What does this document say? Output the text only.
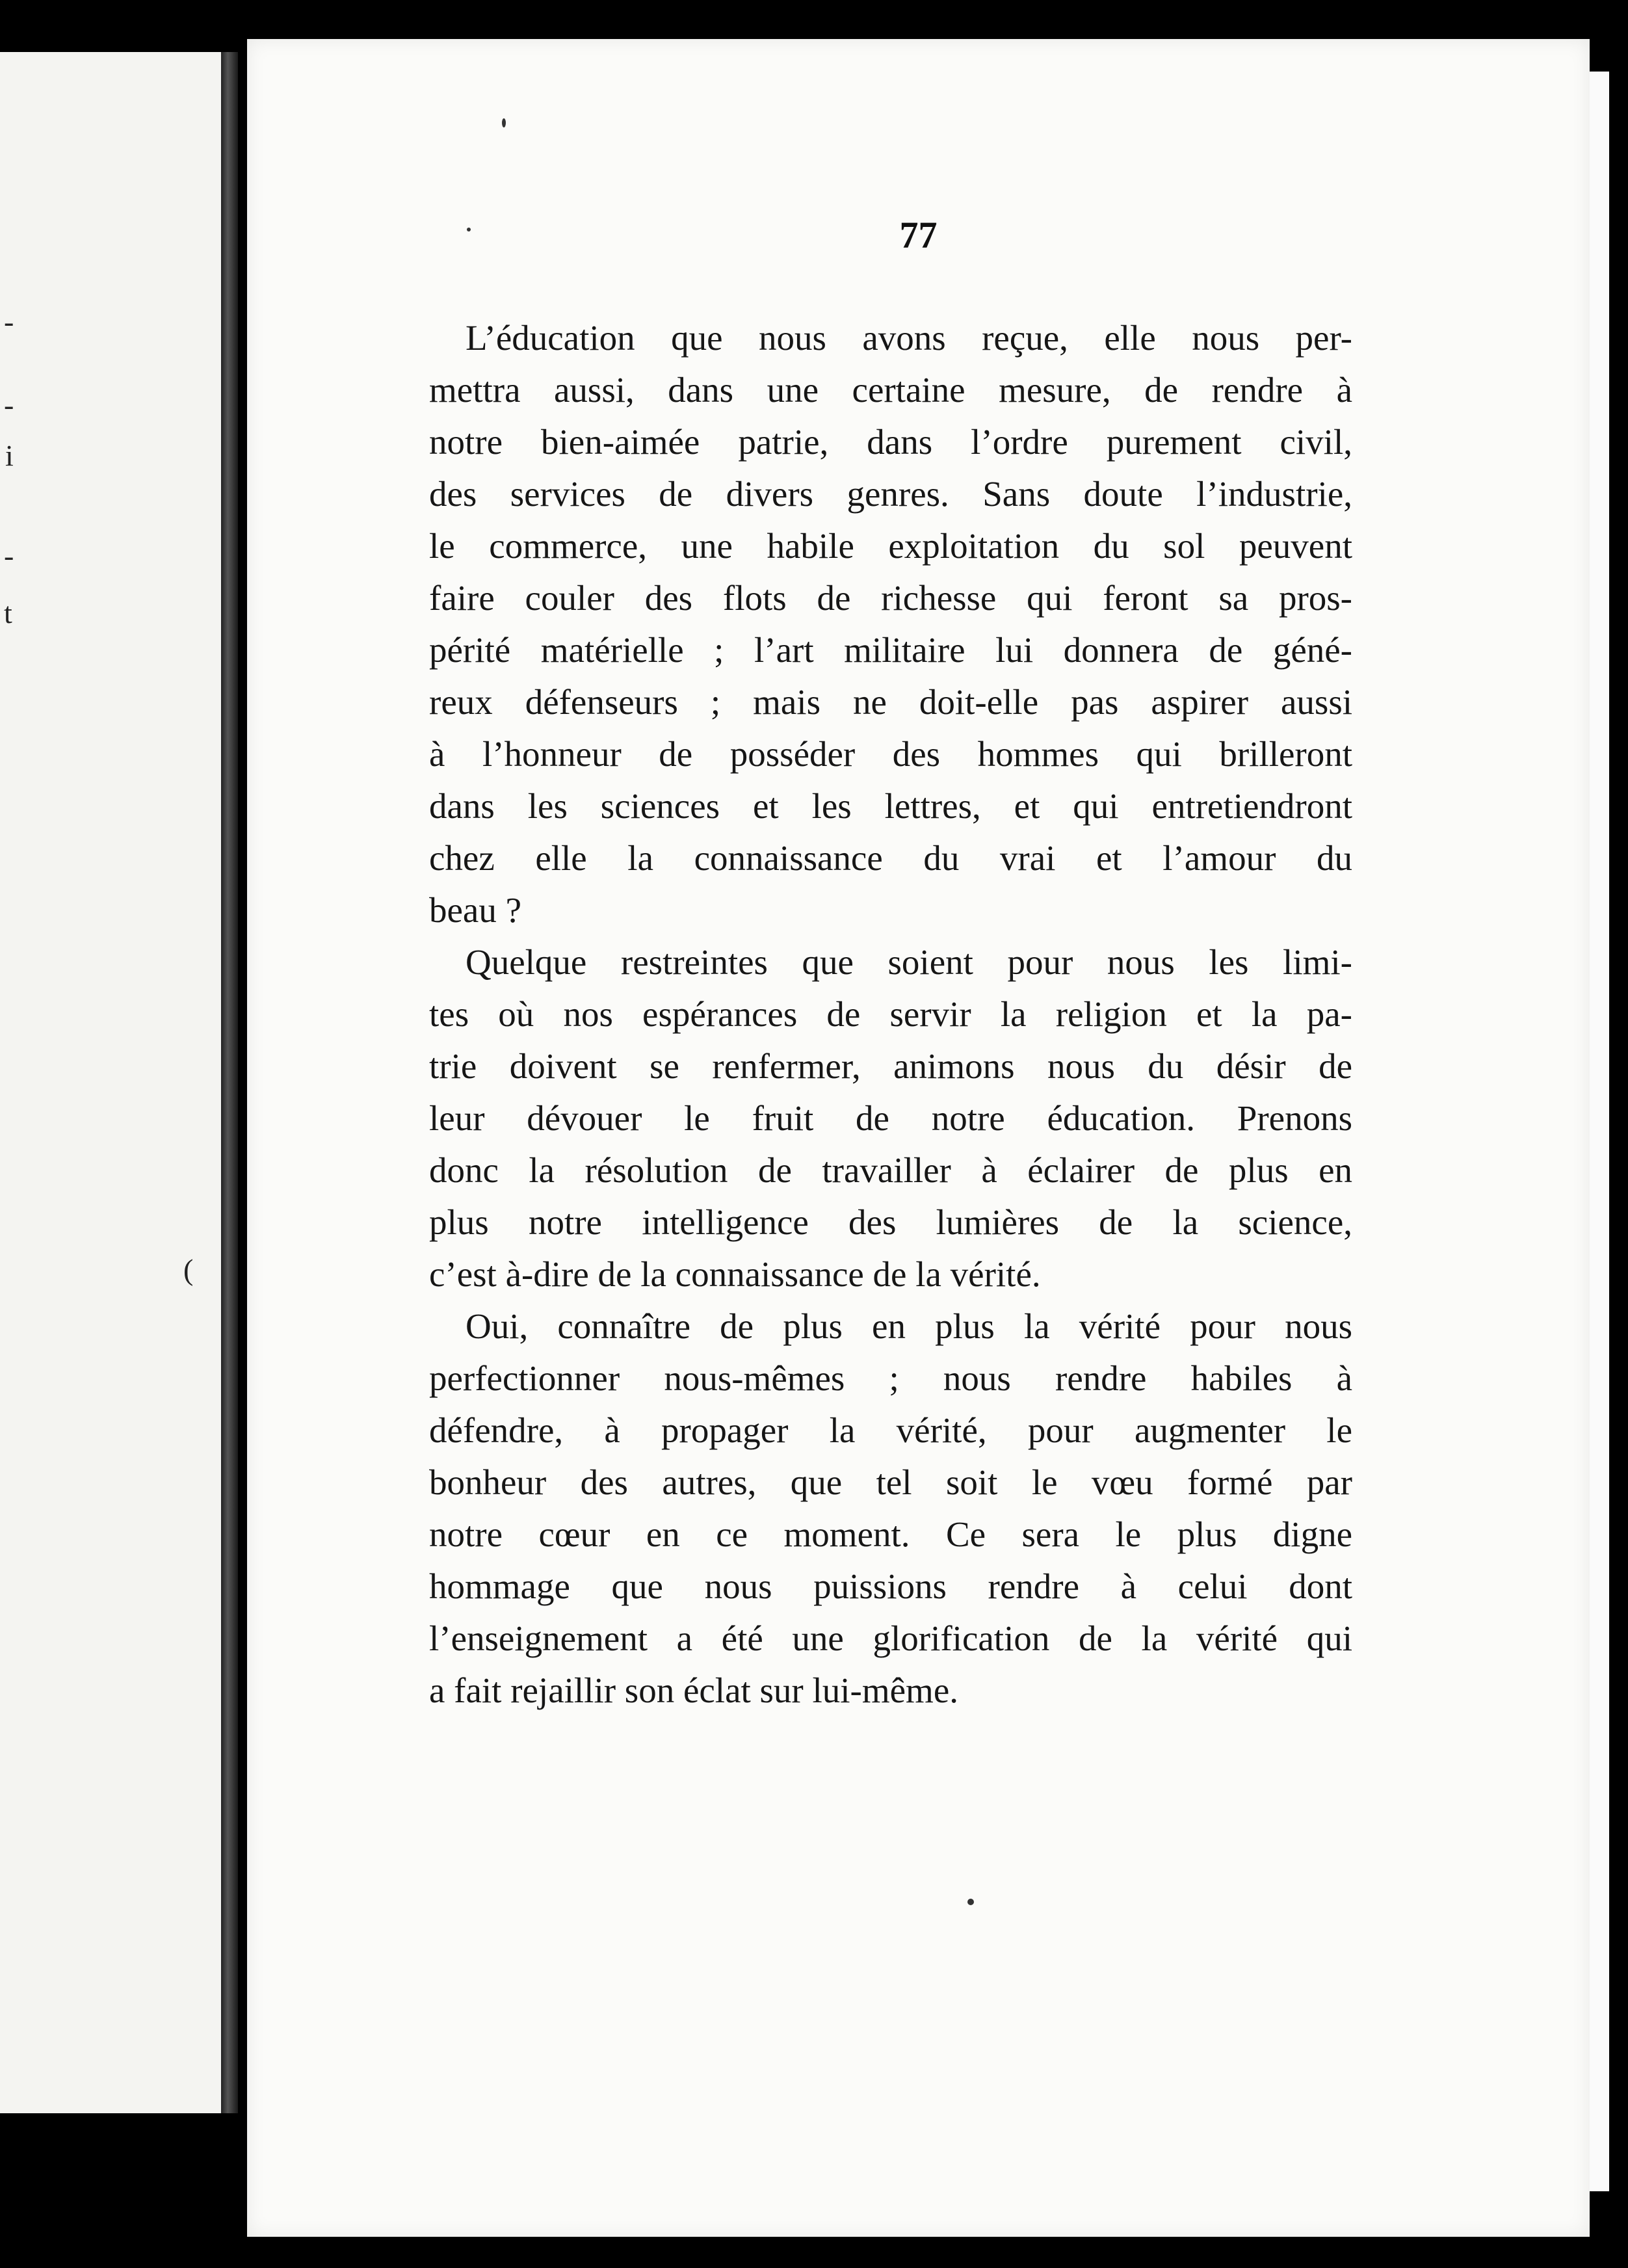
-
-
i
-
t
(
77

L’éducation que nous avons reçue, elle nous per-
mettra aussi, dans une certaine mesure, de rendre à
notre bien-aimée patrie, dans l’ordre purement civil,
des services de divers genres. Sans doute l’industrie,
le commerce, une habile exploitation du sol peuvent
faire couler des flots de richesse qui feront sa pros-
périté matérielle ; l’art militaire lui donnera de géné-
reux défenseurs ; mais ne doit-elle pas aspirer aussi
à l’honneur de posséder des hommes qui brilleront
dans les sciences et les lettres, et qui entretiendront
chez elle la connaissance du vrai et l’amour du
beau ?

Quelque restreintes que soient pour nous les limi-
tes où nos espérances de servir la religion et la pa-
trie doivent se renfermer, animons nous du désir de
leur dévouer le fruit de notre éducation. Prenons
donc la résolution de travailler à éclairer de plus en
plus notre intelligence des lumières de la science,
c’est à-dire de la connaissance de la vérité.

Oui, connaître de plus en plus la vérité pour nous
perfectionner nous-mêmes ; nous rendre habiles à
défendre, à propager la vérité, pour augmenter le
bonheur des autres, que tel soit le vœu formé par
notre cœur en ce moment. Ce sera le plus digne
hommage que nous puissions rendre à celui dont
l’enseignement a été une glorification de la vérité qui
a fait rejaillir son éclat sur lui-même.
